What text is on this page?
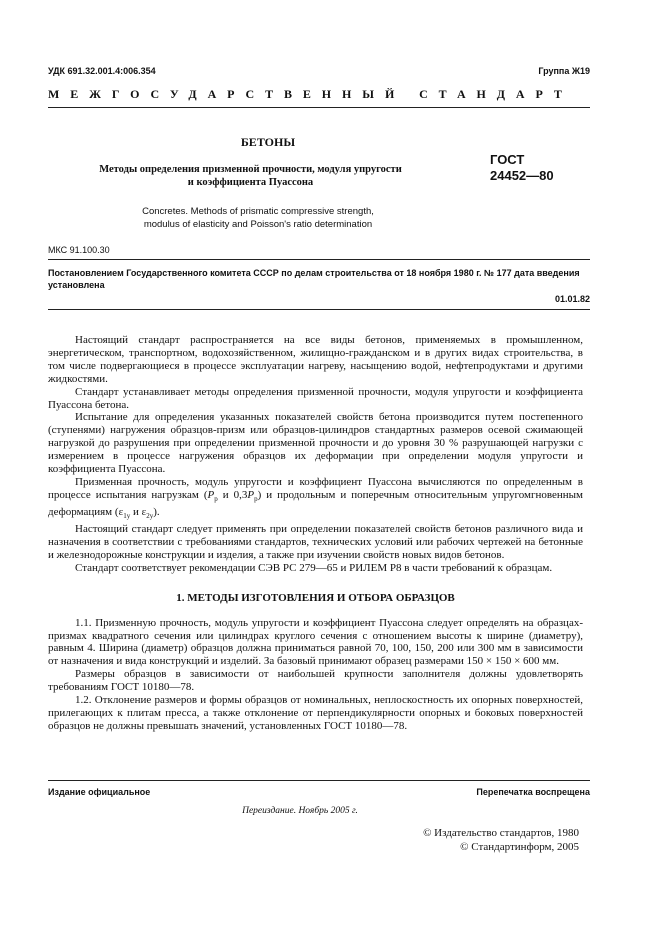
УДК 691.32.001.4:006.354	Группа Ж19
МЕЖГОСУДАРСТВЕННЫЙ СТАНДАРТ
БЕТОНЫ
Методы определения призменной прочности, модуля упругости
и коэффициента Пуассона
ГОСТ
24452—80
Concretes. Methods of prismatic compressive strength,
modulus of elasticity and Poisson's ratio determination
МКС 91.100.30
Постановлением Государственного комитета СССР по делам строительства от 18 ноября 1980 г. № 177 дата введения установлена
01.01.82

Настоящий стандарт распространяется на все виды бетонов, применяемых в промышленном, энергетическом, транспортном, водохозяйственном, жилищно-гражданском и в других видах строительства, в том числе подвергающиеся в процессе эксплуатации нагреву, насыщению водой, нефтепродуктами и другими жидкостями.

Стандарт устанавливает методы определения призменной прочности, модуля упругости и коэффициента Пуассона бетона.

Испытание для определения указанных показателей свойств бетона производится путем постепенного (ступенями) нагружения образцов-призм или образцов-цилиндров стандартных размеров осевой сжимающей нагрузкой до разрушения при определении призменной прочности и до уровня 30 % разрушающей нагрузки с измерением в процессе нагружения образцов их деформации при определении модуля упругости и коэффициента Пуассона.

Призменная прочность, модуль упругости и коэффициент Пуассона вычисляются по определенным в процессе испытания нагрузкам ($P_p$ и $0,3P_p$) и продольным и поперечным относительным упругомгновенным деформациям ($\varepsilon_{1y}$ и $\varepsilon_{2y}$).

Настоящий стандарт следует применять при определении показателей свойств бетонов различного вида и назначения в соответствии с требованиями стандартов, технических условий или рабочих чертежей на бетонные и железнодорожные конструкции и изделия, а также при изучении свойств новых видов бетонов.

Стандарт соответствует рекомендации СЭВ РС 279—65 и РИЛЕМ Р8 в части требований к образцам.

1. МЕТОДЫ ИЗГОТОВЛЕНИЯ И ОТБОРА ОБРАЗЦОВ

1.1. Призменную прочность, модуль упругости и коэффициент Пуассона следует определять на образцах-призмах квадратного сечения или цилиндрах круглого сечения с отношением высоты к ширине (диаметру), равным 4. Ширина (диаметр) образцов должна приниматься равной 70, 100, 150, 200 или 300 мм в зависимости от назначения и вида конструкций и изделий. За базовый принимают образец размерами 150 × 150 × 600 мм.

Размеры образцов в зависимости от наибольшей крупности заполнителя должны удовлетворять требованиям ГОСТ 10180—78.

1.2. Отклонение размеров и формы образцов от номинальных, неплоскостность их опорных поверхностей, прилегающих к плитам пресса, а также отклонение от перпендикулярности опорных и боковых поверхностей образцов не должны превышать значений, установленных ГОСТ 10180—78.

Издание официальное	Перепечатка воспрещена
Переиздание. Ноябрь 2005 г.
© Издательство стандартов, 1980
© Стандартинформ, 2005
